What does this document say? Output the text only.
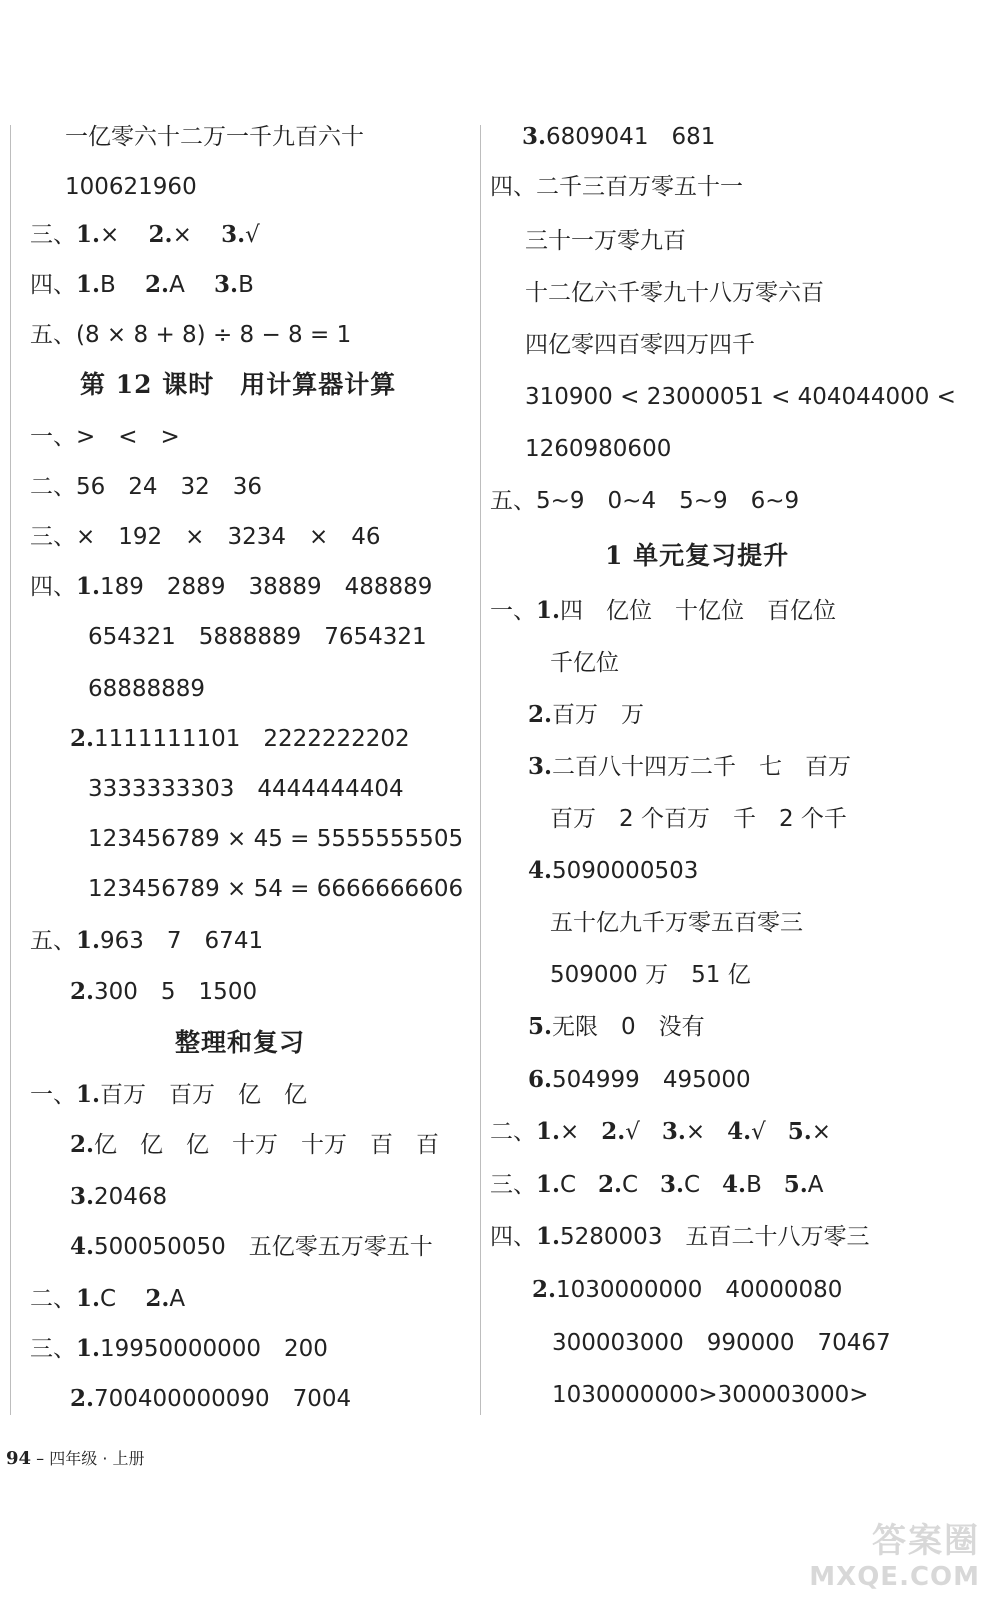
一亿零六十二万一千九百六十
100621960
三、1.× 2.× 3.√
四、1.B 2.A 3.B
五、(8 × 8 + 8) ÷ 8 − 8 = 1
第 12 课时　用计算器计算
一、>　<　>
二、56　24　32　36
三、×　192　×　3234　×　46
四、1.189　2889　38889　488889
654321　5888889　7654321
68888889
2.1111111101　2222222202
3333333303　4444444404
123456789 × 45 = 5555555505
123456789 × 54 = 6666666606
五、1.963　7　6741
2.300　5　1500
整理和复习
一、1.百万　百万　亿　亿
2.亿　亿　亿　十万　十万　百　百
3.20468
4.500050050　五亿零五万零五十
二、1.C 2.A
三、1.19950000000　200
2.700400000090　7004
3.6809041　681
四、二千三百万零五十一
三十一万零九百
十二亿六千零九十八万零六百
四亿零四百零四万四千
310900 < 23000051 < 404044000 <
1260980600
五、5~9　0~4　5~9　6~9
1 单元复习提升
一、1.四　亿位　十亿位　百亿位
千亿位
2.百万　万
3.二百八十四万二千　七　百万
百万　2 个百万　千　2 个千
4.5090000503
五十亿九千万零五百零三
509000 万　51 亿
5.无限　0　没有
6.504999　495000
二、1.× 2.√ 3.× 4.√ 5.×
三、1.C 2.C 3.C 4.B 5.A
四、1.5280003　五百二十八万零三
2.1030000000　40000080
300003000　990000　70467
1030000000>300003000>
94 – 四年级 · 上册
答案圈
MXQE.COM
